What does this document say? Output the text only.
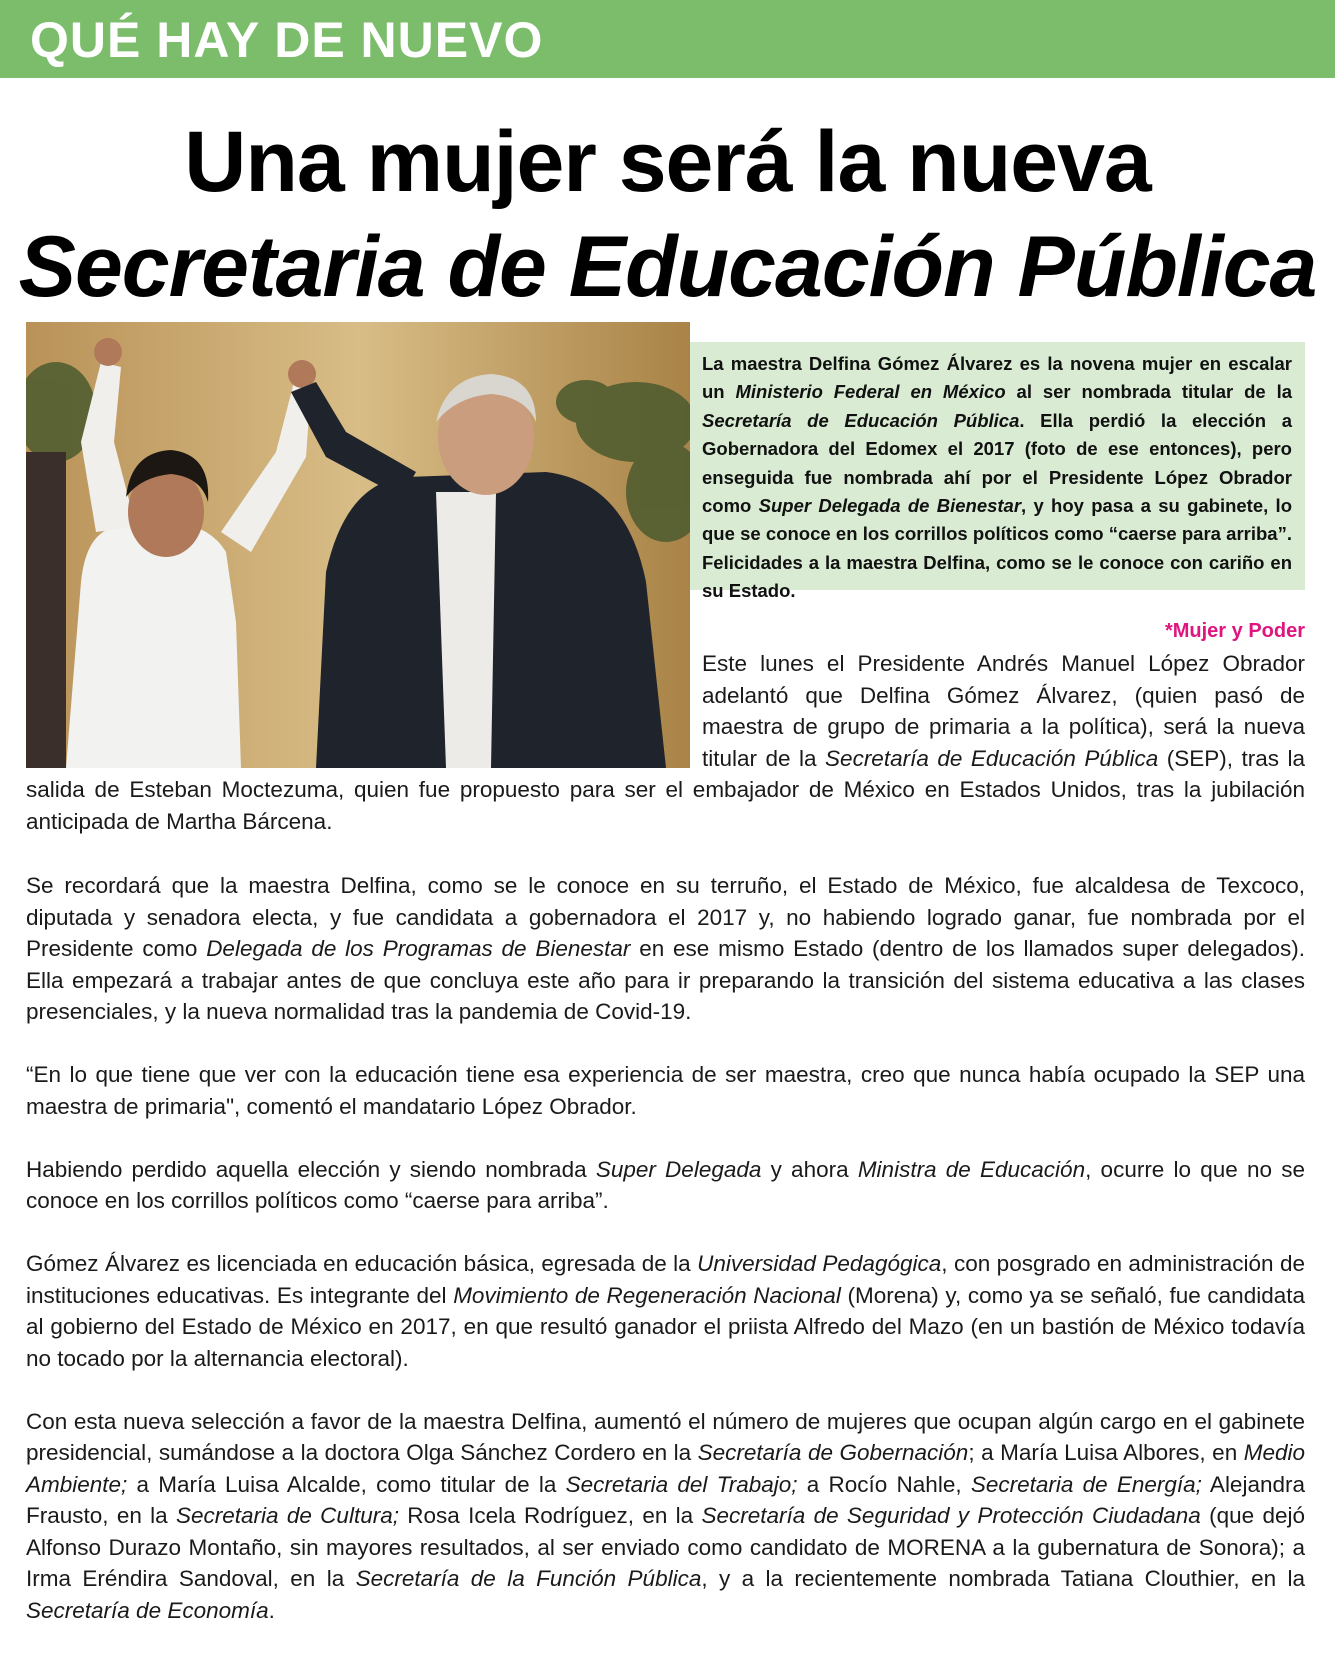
QUÉ HAY DE NUEVO
Una mujer será la nueva
Secretaria de Educación Pública

La maestra Delfina Gómez Álvarez es la novena mujer en escalar un Ministerio Federal en México al ser nombrada titular de la Secretaría de Educación Pública. Ella perdió la elección a Gobernadora del Edomex el 2017 (foto de ese entonces), pero enseguida fue nombrada ahí por el Presidente López Obrador como Super Delegada de Bienestar, y hoy pasa a su gabinete, lo que se conoce en los corrillos políticos como “caerse para arriba”. Felicidades a la maestra Delfina, como se le conoce con cariño en su Estado.

*Mujer y Poder

Este lunes el Presidente Andrés Manuel López Obrador adelantó que Delfina Gómez Álvarez, (quien pasó de maestra de grupo de primaria a la política), será la nueva titular de la Secretaría de Educación Pública (SEP), tras la salida de Esteban Moctezuma, quien fue propuesto para ser el embajador de México en Estados Unidos, tras la jubilación anticipada de Martha Bárcena.

Se recordará que la maestra Delfina, como se le conoce en su terruño, el Estado de México, fue alcaldesa de Texcoco, diputada y senadora electa, y fue candidata a gobernadora el 2017 y, no habiendo logrado ganar, fue nombrada por el Presidente como Delegada de los Programas de Bienestar en ese mismo Estado (dentro de los llamados super delegados). Ella empezará a trabajar antes de que concluya este año para ir preparando la transición del sistema educativa a las clases presenciales, y la nueva normalidad tras la pandemia de Covid-19.

“En lo que tiene que ver con la educación tiene esa experiencia de ser maestra, creo que nunca había ocupado la SEP una maestra de primaria", comentó el mandatario López Obrador.

Habiendo perdido aquella elección y siendo nombrada Super Delegada y ahora Ministra de Educación, ocurre lo que no se conoce en los corrillos políticos como “caerse para arriba”.

Gómez Álvarez es licenciada en educación básica, egresada de la Universidad Pedagógica, con posgrado en administración de instituciones educativas. Es integrante del Movimiento de Regeneración Nacional (Morena) y, como ya se señaló, fue candidata al gobierno del Estado de México en 2017, en que resultó ganador el priista Alfredo del Mazo (en un bastión de México todavía no tocado por la alternancia electoral).

Con esta nueva selección a favor de la maestra Delfina, aumentó el número de mujeres que ocupan algún cargo en el gabinete presidencial, sumándose a la doctora Olga Sánchez Cordero en la Secretaría de Gobernación; a María Luisa Albores, en Medio Ambiente; a María Luisa Alcalde, como titular de la Secretaria del Trabajo; a Rocío Nahle, Secretaria de Energía; Alejandra Frausto, en la Secretaria de Cultura; Rosa Icela Rodríguez, en la Secretaría de Seguridad y Protección Ciudadana (que dejó Alfonso Durazo Montaño, sin mayores resultados, al ser enviado como candidato de MORENA a la gubernatura de Sonora); a Irma Eréndira Sandoval, en la Secretaría de la Función Pública, y a la recientemente nombrada Tatiana Clouthier, en la Secretaría de Economía.
